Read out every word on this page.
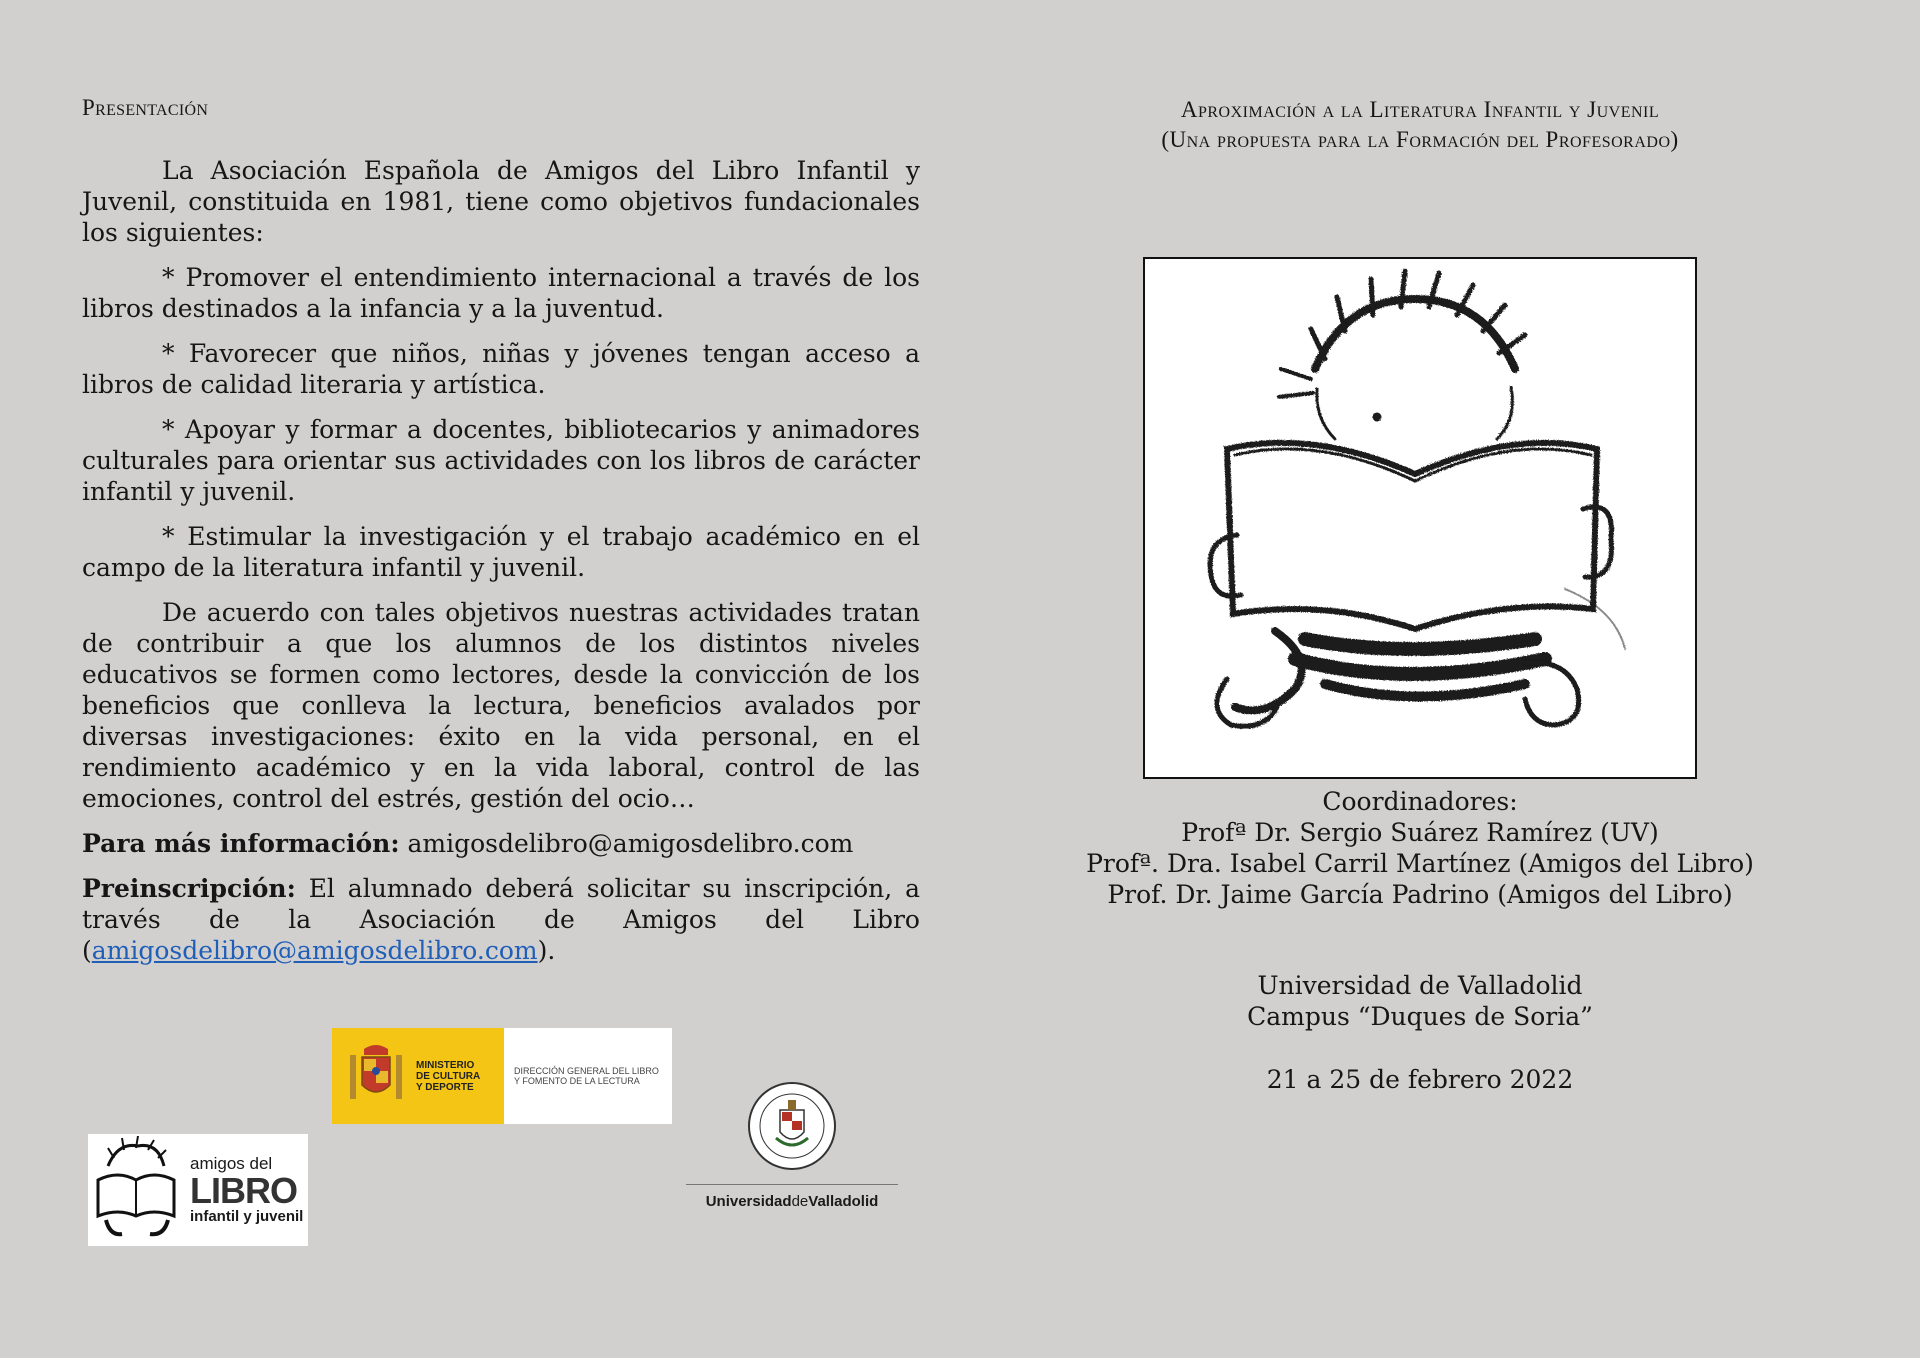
Presentación

La Asociación Española de Amigos del Libro Infantil y Juvenil, constituida en 1981, tiene como objetivos fundacionales los siguientes:

* Promover el entendimiento internacional a través de los libros destinados a la infancia y a la juventud.

* Favorecer que niños, niñas y jóvenes tengan acceso a libros de calidad literaria y artística.

* Apoyar y formar a docentes, bibliotecarios y animadores culturales para orientar sus actividades con los libros de carácter infantil y juvenil.

* Estimular la investigación y el trabajo académico en el campo de la literatura infantil y juvenil.

De acuerdo con tales objetivos nuestras actividades tratan de contribuir a que los alumnos de los distintos niveles educativos se formen como lectores, desde la convicción de los beneficios que conlleva la lectura, beneficios avalados por diversas investigaciones: éxito en la vida personal, en el rendimiento académico y en la vida laboral, control de las emociones, control del estrés, gestión del ocio…

Para más información: amigosdelibro@amigosdelibro.com

Preinscripción: El alumnado deberá solicitar su inscripción, a través de la Asociación de Amigos del Libro (amigosdelibro@amigosdelibro.com).

MINISTERIO
DE CULTURA
Y DEPORTE
DIRECCIÓN GENERAL DEL LIBRO
Y FOMENTO DE LA LECTURA
amigos del
LIBRO
infantil y juvenil
UniversidaddeValladolid
Aproximación a la Literatura Infantil y Juvenil
(Una propuesta para la Formación del Profesorado)
Coordinadores:
Profª Dr. Sergio Suárez Ramírez (UV)
Profª. Dra. Isabel Carril Martínez (Amigos del Libro)
Prof. Dr. Jaime García Padrino (Amigos del Libro)
Universidad de Valladolid
Campus “Duques de Soria”
21 a 25 de febrero 2022
